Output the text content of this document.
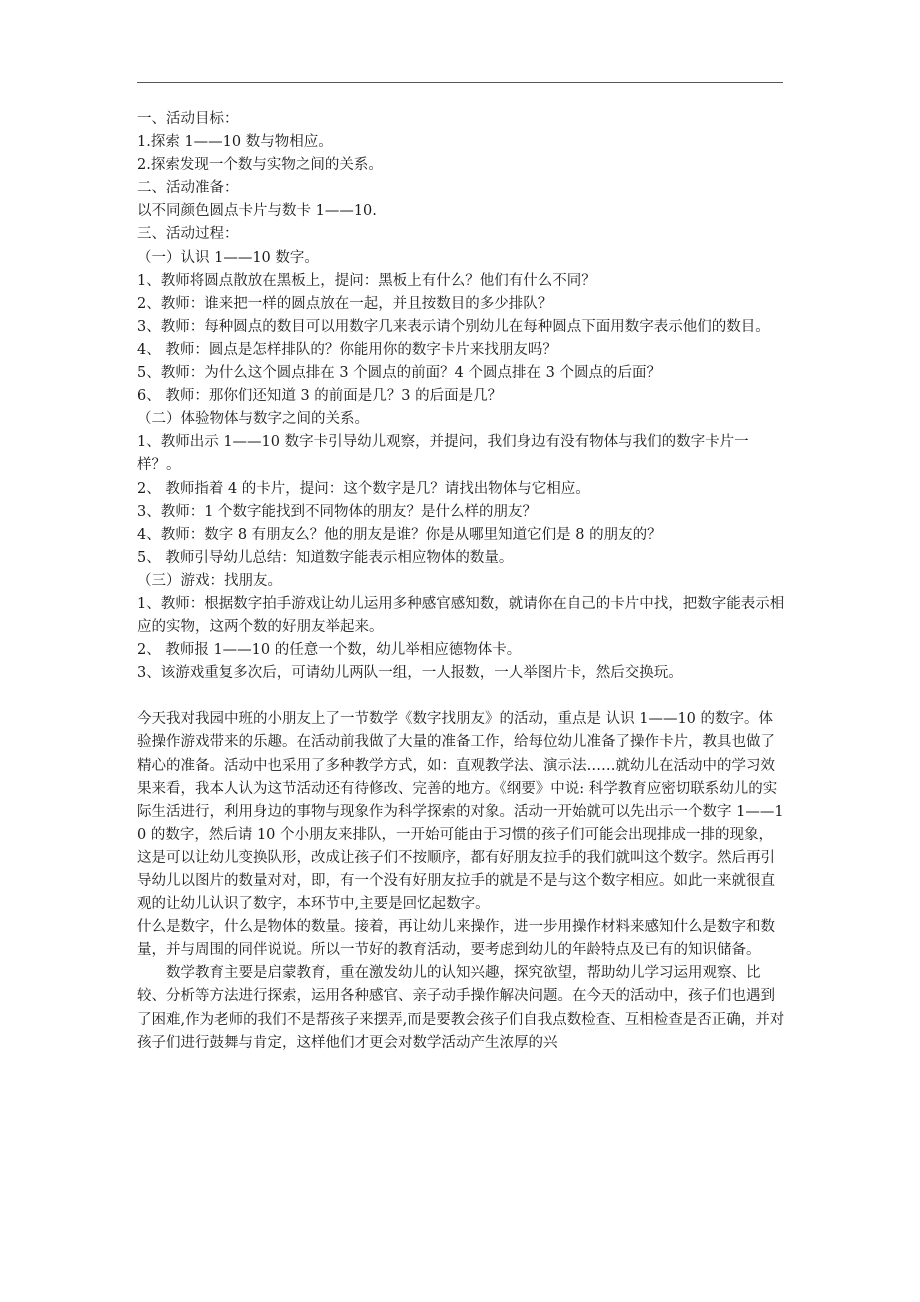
一、活动目标：
1.探索 1——10 数与物相应。
2.探索发现一个数与实物之间的关系。
二、活动准备：
以不同颜色圆点卡片与数卡 1——10.
三、活动过程：
（一）认识 1——10 数字。
1、教师将圆点散放在黑板上，提问：黑板上有什么？他们有什么不同？
2、教师：谁来把一样的圆点放在一起，并且按数目的多少排队？
3、教师：每种圆点的数目可以用数字几来表示请个别幼儿在每种圆点下面用数字表示他们的数目。
4、 教师：圆点是怎样排队的？你能用你的数字卡片来找朋友吗？
5、教师：为什么这个圆点排在 3 个圆点的前面？4 个圆点排在 3 个圆点的后面？
6、 教师：那你们还知道 3 的前面是几？3 的后面是几？
（二）体验物体与数字之间的关系。
1、教师出示 1——10 数字卡引导幼儿观察，并提问，我们身边有没有物体与我们的数字卡片一样？。
2、 教师指着 4 的卡片，提问：这个数字是几？请找出物体与它相应。
3、教师：1 个数字能找到不同物体的朋友？是什么样的朋友？
4、教师：数字 8 有朋友么？他的朋友是谁？你是从哪里知道它们是 8 的朋友的？
5、 教师引导幼儿总结：知道数字能表示相应物体的数量。
（三）游戏：找朋友。
1、教师：根据数字拍手游戏让幼儿运用多种感官感知数，就请你在自己的卡片中找，把数字能表示相应的实物，这两个数的好朋友举起来。
2、 教师报 1——10 的任意一个数，幼儿举相应德物体卡。
3、该游戏重复多次后，可请幼儿两队一组，一人报数，一人举图片卡，然后交换玩。
今天我对我园中班的小朋友上了一节数学《数字找朋友》的活动，重点是 认识 1——10 的数字。体验操作游戏带来的乐趣。在活动前我做了大量的准备工作，给每位幼儿准备了操作卡片，教具也做了精心的准备。活动中也采用了多种教学方式，如：直观教学法、演示法……就幼儿在活动中的学习效果来看，我本人认为这节活动还有待修改、完善的地方。《纲要》中说: 科学教育应密切联系幼儿的实际生活进行，利用身边的事物与现象作为科学探索的对象。活动一开始就可以先出示一个数字 1——10 的数字，然后请 10 个小朋友来排队，一开始可能由于习惯的孩子们可能会出现排成一排的现象，这是可以让幼儿变换队形，改成让孩子们不按顺序，都有好朋友拉手的我们就叫这个数字。然后再引导幼儿以图片的数量对对，即，有一个没有好朋友拉手的就是不是与这个数字相应。如此一来就很直观的让幼儿认识了数字，本环节中,主要是回忆起数字。
什么是数字，什么是物体的数量。接着，再让幼儿来操作，进一步用操作材料来感知什么是数字和数量，并与周围的同伴说说。所以一节好的教育活动，要考虑到幼儿的年龄特点及已有的知识储备。
数学教育主要是启蒙教育，重在激发幼儿的认知兴趣，探究欲望，帮助幼儿学习运用观察、比较、分析等方法进行探索，运用各种感官、亲子动手操作解决问题。在今天的活动中，孩子们也遇到了困难,作为老师的我们不是帮孩子来摆弄,而是要教会孩子们自我点数检查、互相检查是否正确，并对孩子们进行鼓舞与肯定，这样他们才更会对数学活动产生浓厚的兴
